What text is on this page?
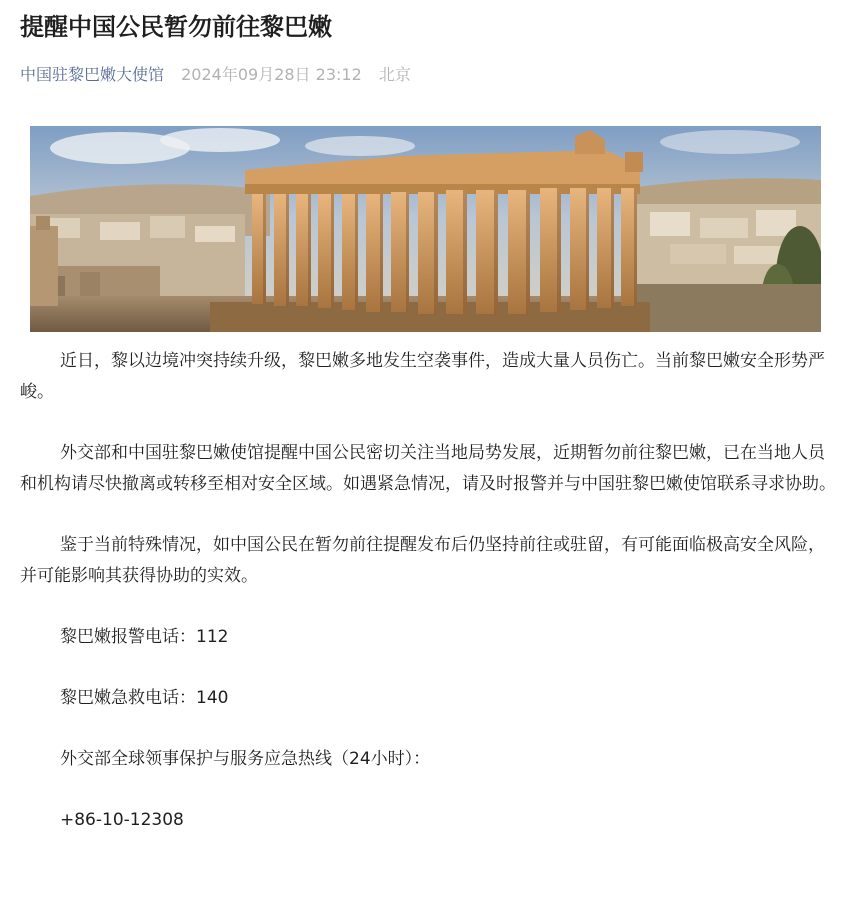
提醒中国公民暂勿前往黎巴嫩
中国驻黎巴嫩大使馆 2024年09月28日 23:12 北京

近日，黎以边境冲突持续升级，黎巴嫩多地发生空袭事件，造成大量人员伤亡。当前黎巴嫩安全形势严峻。

外交部和中国驻黎巴嫩使馆提醒中国公民密切关注当地局势发展，近期暂勿前往黎巴嫩，已在当地人员和机构请尽快撤离或转移至相对安全区域。如遇紧急情况，请及时报警并与中国驻黎巴嫩使馆联系寻求协助。

鉴于当前特殊情况，如中国公民在暂勿前往提醒发布后仍坚持前往或驻留，有可能面临极高安全风险，并可能影响其获得协助的实效。

黎巴嫩报警电话：112

黎巴嫩急救电话：140

外交部全球领事保护与服务应急热线（24小时）：

+86-10-12308
